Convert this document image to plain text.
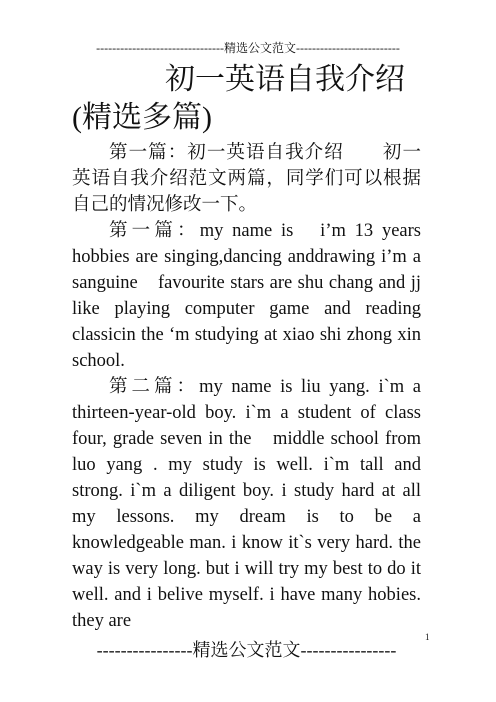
--------------------------------精选公文范文--------------------------
初一英语自我介绍
(精选多篇)

第一篇：初一英语自我介绍　　初一英语自我介绍范文两篇，同学们可以根据自己的情况修改一下。

第一篇：my name is　i’m 13 years hobbies are singing,dancing anddrawing i’m a sanguine　favourite stars are shu chang and jj　like playing computer game and reading classicin the ‘m studying at xiao shi zhong xin school.

第二篇：my name is liu yang. i`m a thirteen-year-old boy. i`m a student of class four, grade seven in the　middle school from luo yang . my study is well. i`m tall and strong. i`m a diligent boy. i study hard at all my lessons. my dream is to be a knowledgeable man. i know it`s very hard. the way is very long. but i will try my best to do it well. and i belive myself. i have many hobies. they are

----------------精选公文范文----------------
1
